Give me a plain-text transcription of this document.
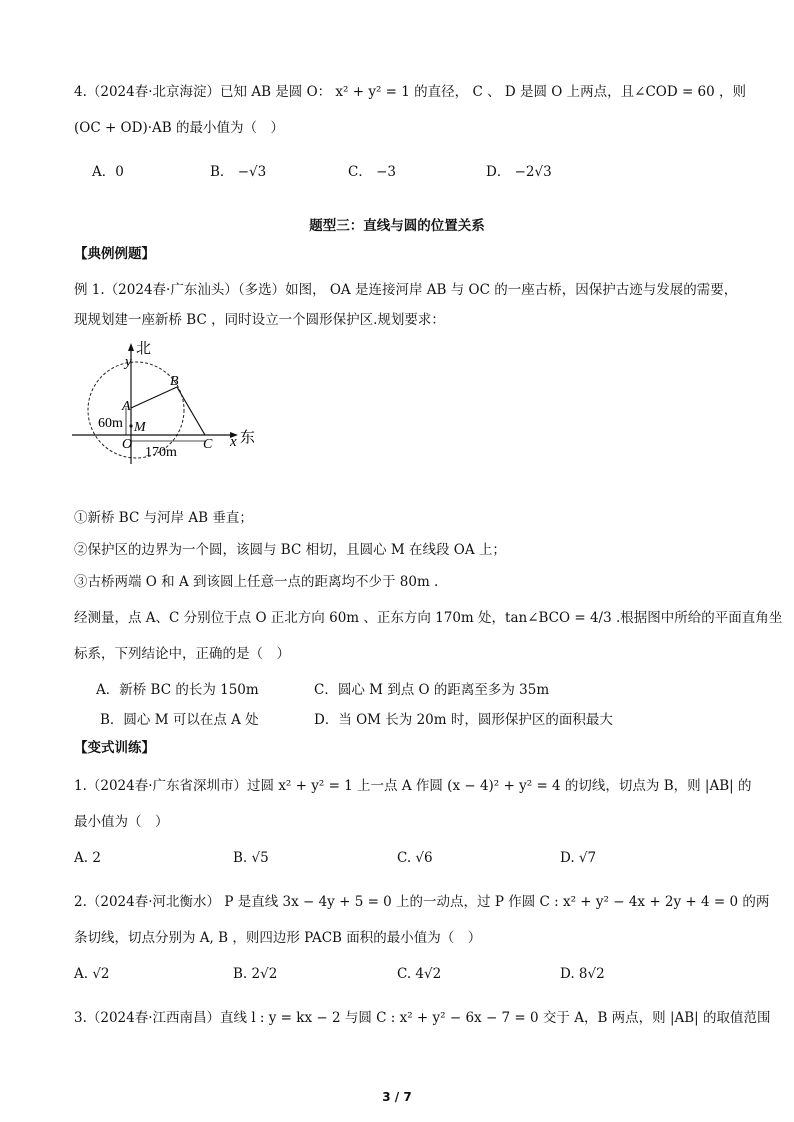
4.（2024春·北京海淀）已知 AB 是圆 O： x² + y² = 1 的直径， C 、 D 是圆 O 上两点，且∠COD = 60 ，则
(OC + OD)·AB 的最小值为（　）
A．0	B． −√3	C． −3	D． −2√3
题型三：直线与圆的位置关系
【典例例题】
例 1.（2024春·广东汕头）（多选）如图， OA 是连接河岸 AB 与 OC 的一座古桥，因保护古迹与发展的需要，
现规划建一座新桥 BC ，同时设立一个圆形保护区.规划要求：
北
y
B
A
60m M
O
170m
C x 东
①新桥 BC 与河岸 AB 垂直；
②保护区的边界为一个圆，该圆与 BC 相切，且圆心 M 在线段 OA 上；
③古桥两端 O 和 A 到该圆上任意一点的距离均不少于 80m .
经测量，点 A、C 分别位于点 O 正北方向 60m 、正东方向 170m 处，tan∠BCO = 4/3 .根据图中所给的平面直角坐
标系，下列结论中，正确的是（　）
A．新桥 BC 的长为 150m	C．圆心 M 到点 O 的距离至多为 35m
B．圆心 M 可以在点 A 处	D．当 OM 长为 20m 时，圆形保护区的面积最大
【变式训练】
1.（2024春·广东省深圳市）过圆 x² + y² = 1 上一点 A 作圆 (x − 4)² + y² = 4 的切线，切点为 B，则 |AB| 的
最小值为（　）
A. 2	B. √5	C. √6	D. √7
2.（2024春·河北衡水） P 是直线 3x − 4y + 5 = 0 上的一动点，过 P 作圆 C : x² + y² − 4x + 2y + 4 = 0 的两
条切线，切点分别为 A, B ，则四边形 PACB 面积的最小值为（　）
A. √2	B. 2√2	C. 4√2	D. 8√2
3.（2024春·江西南昌）直线 l : y = kx − 2 与圆 C : x² + y² − 6x − 7 = 0 交于 A，B 两点，则 |AB| 的取值范围
3 / 7
